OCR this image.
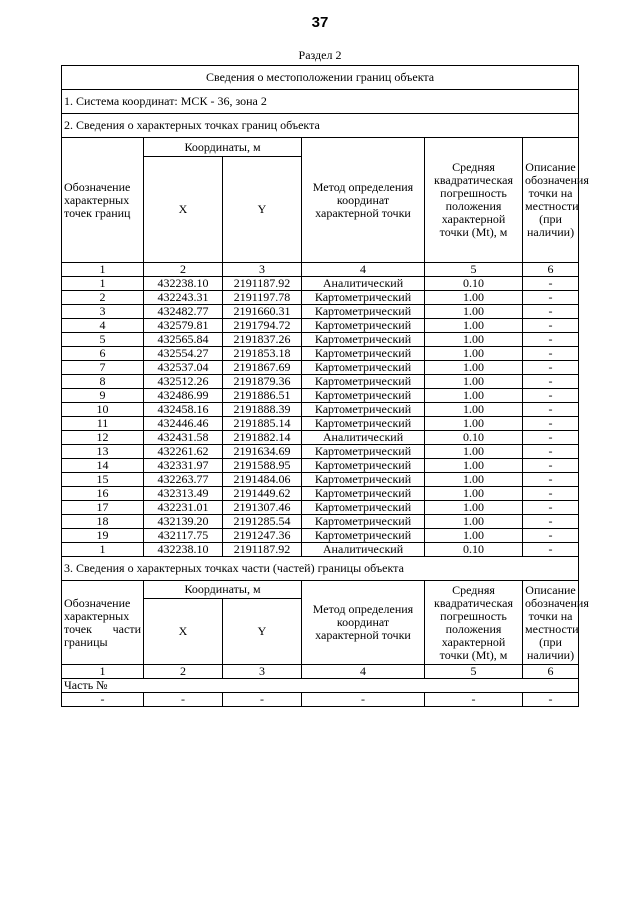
37
Раздел 2
Сведения о местоположении границ объекта					
1. Система координат: МСК - 36, зона 2					
2. Сведения о характерных точках границ объекта					
Обозначение характерных точек границ	Координаты, м		Метод определения координат характерной точки	Средняя квадратическая погрешность положения характерной точки (Mt), м	Описание обозначения точки на местности (при наличии)
	X	Y			
1	2	3	4	5	6
1	432238.10	2191187.92	Аналитический	0.10	-
2	432243.31	2191197.78	Картометрический	1.00	-
3	432482.77	2191660.31	Картометрический	1.00	-
4	432579.81	2191794.72	Картометрический	1.00	-
5	432565.84	2191837.26	Картометрический	1.00	-
6	432554.27	2191853.18	Картометрический	1.00	-
7	432537.04	2191867.69	Картометрический	1.00	-
8	432512.26	2191879.36	Картометрический	1.00	-
9	432486.99	2191886.51	Картометрический	1.00	-
10	432458.16	2191888.39	Картометрический	1.00	-
11	432446.46	2191885.14	Картометрический	1.00	-
12	432431.58	2191882.14	Аналитический	0.10	-
13	432261.62	2191634.69	Картометрический	1.00	-
14	432331.97	2191588.95	Картометрический	1.00	-
15	432263.77	2191484.06	Картометрический	1.00	-
16	432313.49	2191449.62	Картометрический	1.00	-
17	432231.01	2191307.46	Картометрический	1.00	-
18	432139.20	2191285.54	Картометрический	1.00	-
19	432117.75	2191247.36	Картометрический	1.00	-
1	432238.10	2191187.92	Аналитический	0.10	-
3. Сведения о характерных точках части (частей) границы объекта					
Обозначение характерных точек части границы	Координаты, м		Метод определения координат характерной точки	Средняя квадратическая погрешность положения характерной точки (Mt), м	Описание обозначения точки на местности (при наличии)
	X	Y			
1	2	3	4	5	6
Часть №					
-	-	-	-	-	-
